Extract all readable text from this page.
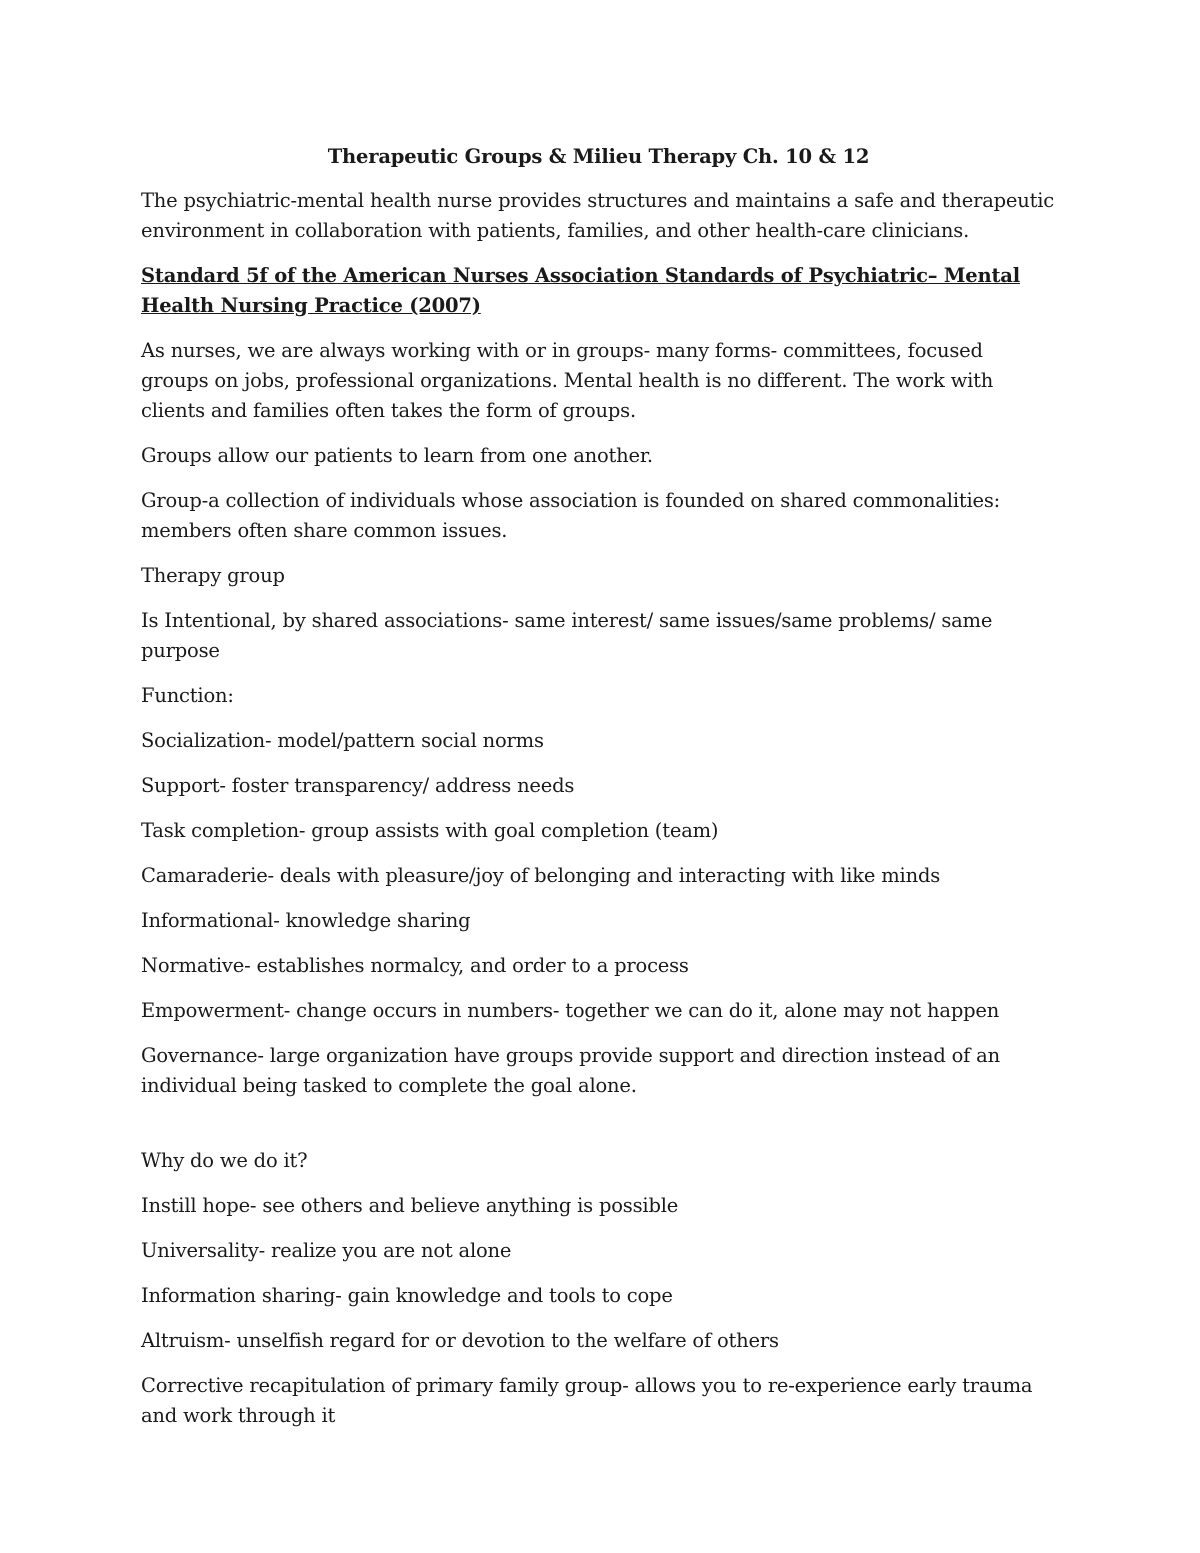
Therapeutic Groups & Milieu Therapy Ch. 10 & 12

The psychiatric-mental health nurse provides structures and maintains a safe and therapeutic environment in collaboration with patients, families, and other health-care clinicians.

Standard 5f of the American Nurses Association Standards of Psychiatric– Mental Health Nursing Practice (2007)

As nurses, we are always working with or in groups- many forms- committees, focused groups on jobs, professional organizations. Mental health is no different. The work with clients and families often takes the form of groups.

Groups allow our patients to learn from one another.

Group-a collection of individuals whose association is founded on shared commonalities: members often share common issues.

Therapy group

Is Intentional, by shared associations- same interest/ same issues/same problems/ same purpose

Function:

Socialization- model/pattern social norms

Support- foster transparency/ address needs

Task completion- group assists with goal completion (team)

Camaraderie- deals with pleasure/joy of belonging and interacting with like minds

Informational- knowledge sharing

Normative- establishes normalcy, and order to a process

Empowerment- change occurs in numbers- together we can do it, alone may not happen

Governance- large organization have groups provide support and direction instead of an individual being tasked to complete the goal alone.

Why do we do it?

Instill hope- see others and believe anything is possible

Universality- realize you are not alone

Information sharing- gain knowledge and tools to cope

Altruism- unselfish regard for or devotion to the welfare of others

Corrective recapitulation of primary family group- allows you to re-experience early trauma and work through it
